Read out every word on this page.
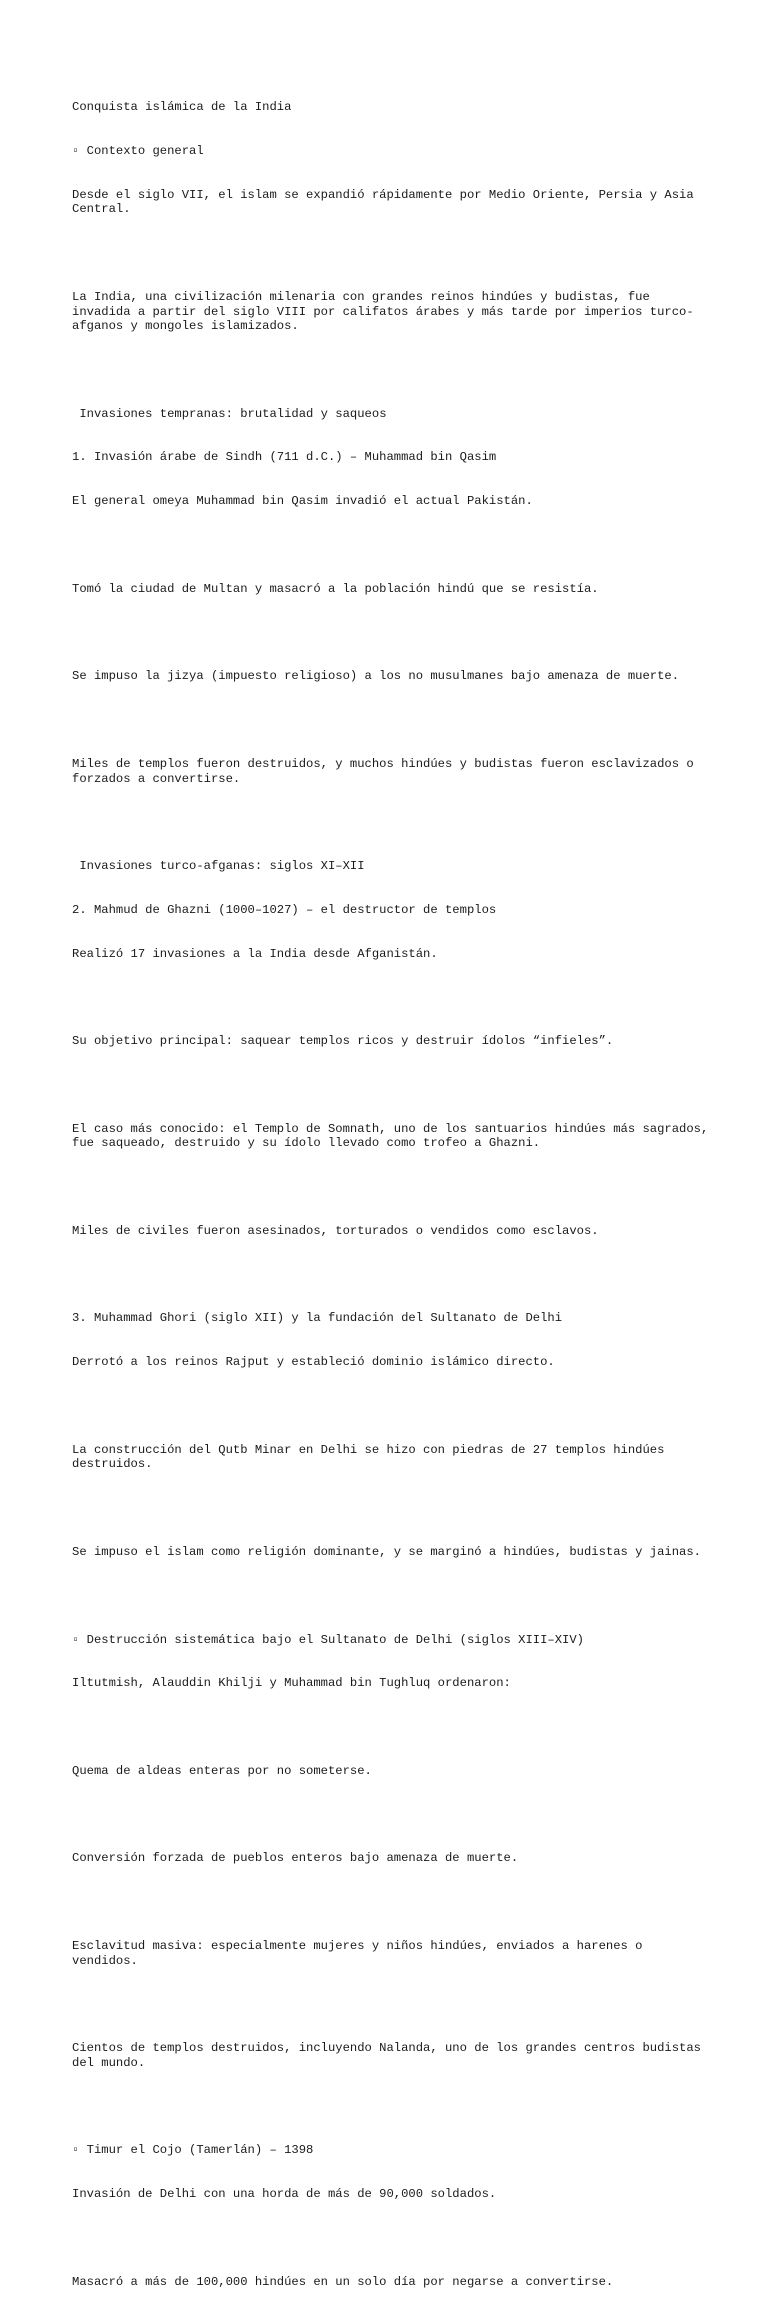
Conquista islámica de la India

▫ Contexto general

Desde el siglo VII, el islam se expandió rápidamente por Medio Oriente, Persia y Asia Central.

La India, una civilización milenaria con grandes reinos hindúes y budistas, fue invadida a partir del siglo VIII por califatos árabes y más tarde por imperios turco-afganos y mongoles islamizados.

Invasiones tempranas: brutalidad y saqueos

1. Invasión árabe de Sindh (711 d.C.) – Muhammad bin Qasim

El general omeya Muhammad bin Qasim invadió el actual Pakistán.

Tomó la ciudad de Multan y masacró a la población hindú que se resistía.

Se impuso la jizya (impuesto religioso) a los no musulmanes bajo amenaza de muerte.

Miles de templos fueron destruidos, y muchos hindúes y budistas fueron esclavizados o forzados a convertirse.

Invasiones turco-afganas: siglos XI–XII

2. Mahmud de Ghazni (1000–1027) – el destructor de templos

Realizó 17 invasiones a la India desde Afganistán.

Su objetivo principal: saquear templos ricos y destruir ídolos “infieles”.

El caso más conocido: el Templo de Somnath, uno de los santuarios hindúes más sagrados, fue saqueado, destruido y su ídolo llevado como trofeo a Ghazni.

Miles de civiles fueron asesinados, torturados o vendidos como esclavos.

3. Muhammad Ghori (siglo XII) y la fundación del Sultanato de Delhi

Derrotó a los reinos Rajput y estableció dominio islámico directo.

La construcción del Qutb Minar en Delhi se hizo con piedras de 27 templos hindúes destruidos.

Se impuso el islam como religión dominante, y se marginó a hindúes, budistas y jainas.

▫ Destrucción sistemática bajo el Sultanato de Delhi (siglos XIII–XIV)

Iltutmish, Alauddin Khilji y Muhammad bin Tughluq ordenaron:

Quema de aldeas enteras por no someterse.

Conversión forzada de pueblos enteros bajo amenaza de muerte.

Esclavitud masiva: especialmente mujeres y niños hindúes, enviados a harenes o vendidos.

Cientos de templos destruidos, incluyendo Nalanda, uno de los grandes centros budistas del mundo.

▫ Timur el Cojo (Tamerlán) – 1398

Invasión de Delhi con una horda de más de 90,000 soldados.

Masacró a más de 100,000 hindúes en un solo día por negarse a convertirse.
